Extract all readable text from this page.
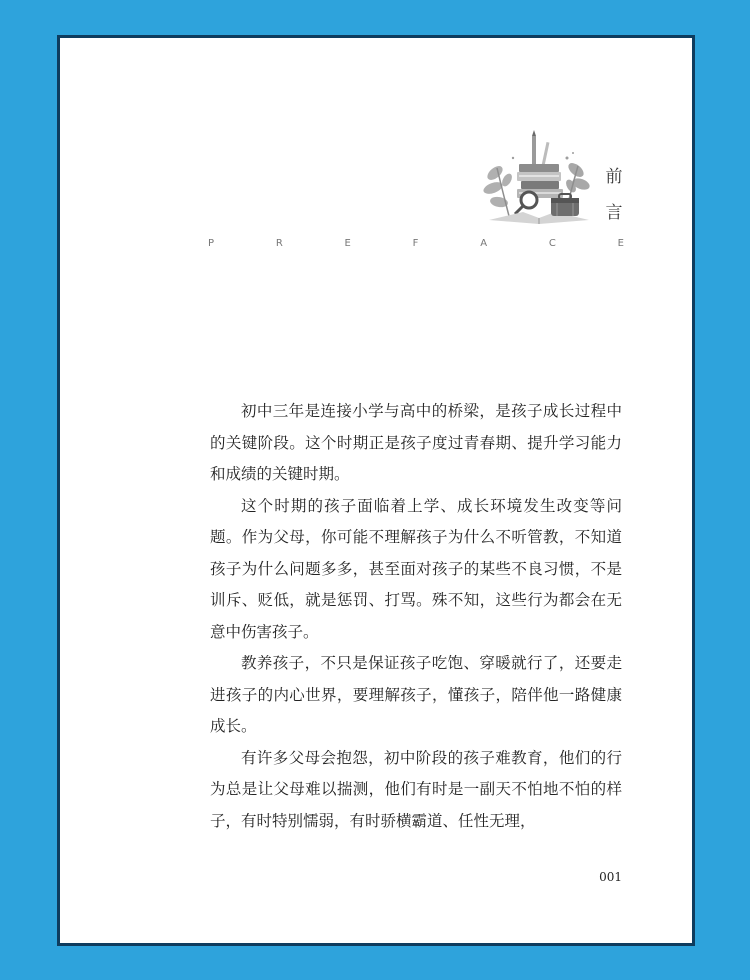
前
言
P	R	E	F	A	C	E

初中三年是连接小学与高中的桥梁，是孩子成长过程中的关键阶段。这个时期正是孩子度过青春期、提升学习能力和成绩的关键时期。

这个时期的孩子面临着上学、成长环境发生改变等问题。作为父母，你可能不理解孩子为什么不听管教，不知道孩子为什么问题多多，甚至面对孩子的某些不良习惯，不是训斥、贬低，就是惩罚、打骂。殊不知，这些行为都会在无意中伤害孩子。

教养孩子，不只是保证孩子吃饱、穿暖就行了，还要走进孩子的内心世界，要理解孩子，懂孩子，陪伴他一路健康成长。

有许多父母会抱怨，初中阶段的孩子难教育，他们的行为总是让父母难以揣测，他们有时是一副天不怕地不怕的样子，有时特别懦弱，有时骄横霸道、任性无理，

001
